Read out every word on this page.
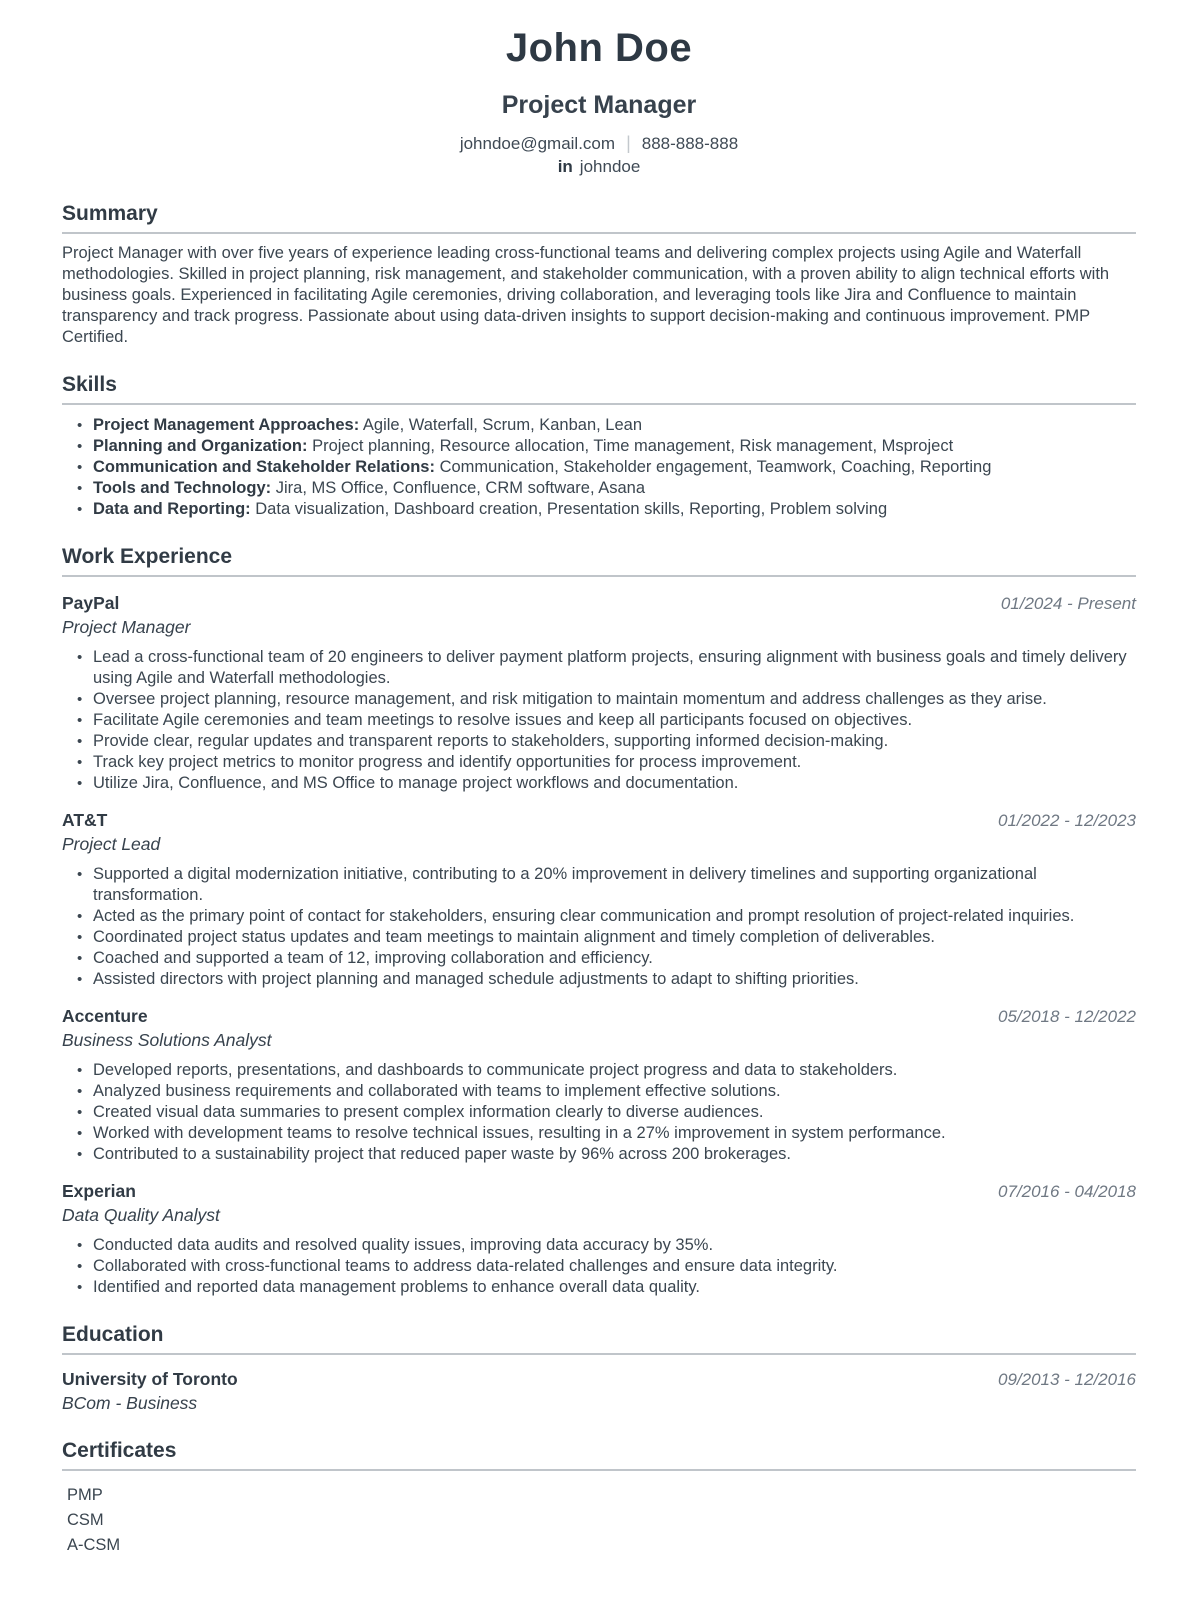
John Doe
Project Manager
johndoe@gmail.com | 888-888-888
in johndoe
Summary

Project Manager with over five years of experience leading cross-functional teams and delivering complex projects using Agile and Waterfall methodologies. Skilled in project planning, risk management, and stakeholder communication, with a proven ability to align technical efforts with business goals. Experienced in facilitating Agile ceremonies, driving collaboration, and leveraging tools like Jira and Confluence to maintain transparency and track progress. Passionate about using data-driven insights to support decision-making and continuous improvement. PMP Certified.

Skills
• Project Management Approaches: Agile, Waterfall, Scrum, Kanban, Lean
• Planning and Organization: Project planning, Resource allocation, Time management, Risk management, Msproject
• Communication and Stakeholder Relations: Communication, Stakeholder engagement, Teamwork, Coaching, Reporting
• Tools and Technology: Jira, MS Office, Confluence, CRM software, Asana
• Data and Reporting: Data visualization, Dashboard creation, Presentation skills, Reporting, Problem solving
Work Experience
PayPal	01/2024 - Present
Project Manager
• Lead a cross-functional team of 20 engineers to deliver payment platform projects, ensuring alignment with business goals and timely delivery using Agile and Waterfall methodologies.
• Oversee project planning, resource management, and risk mitigation to maintain momentum and address challenges as they arise.
• Facilitate Agile ceremonies and team meetings to resolve issues and keep all participants focused on objectives.
• Provide clear, regular updates and transparent reports to stakeholders, supporting informed decision-making.
• Track key project metrics to monitor progress and identify opportunities for process improvement.
• Utilize Jira, Confluence, and MS Office to manage project workflows and documentation.
AT&T	01/2022 - 12/2023
Project Lead
• Supported a digital modernization initiative, contributing to a 20% improvement in delivery timelines and supporting organizational transformation.
• Acted as the primary point of contact for stakeholders, ensuring clear communication and prompt resolution of project-related inquiries.
• Coordinated project status updates and team meetings to maintain alignment and timely completion of deliverables.
• Coached and supported a team of 12, improving collaboration and efficiency.
• Assisted directors with project planning and managed schedule adjustments to adapt to shifting priorities.
Accenture	05/2018 - 12/2022
Business Solutions Analyst
• Developed reports, presentations, and dashboards to communicate project progress and data to stakeholders.
• Analyzed business requirements and collaborated with teams to implement effective solutions.
• Created visual data summaries to present complex information clearly to diverse audiences.
• Worked with development teams to resolve technical issues, resulting in a 27% improvement in system performance.
• Contributed to a sustainability project that reduced paper waste by 96% across 200 brokerages.
Experian	07/2016 - 04/2018
Data Quality Analyst
• Conducted data audits and resolved quality issues, improving data accuracy by 35%.
• Collaborated with cross-functional teams to address data-related challenges and ensure data integrity.
• Identified and reported data management problems to enhance overall data quality.
Education
University of Toronto	09/2013 - 12/2016
BCom - Business
Certificates
PMP
CSM
A-CSM
